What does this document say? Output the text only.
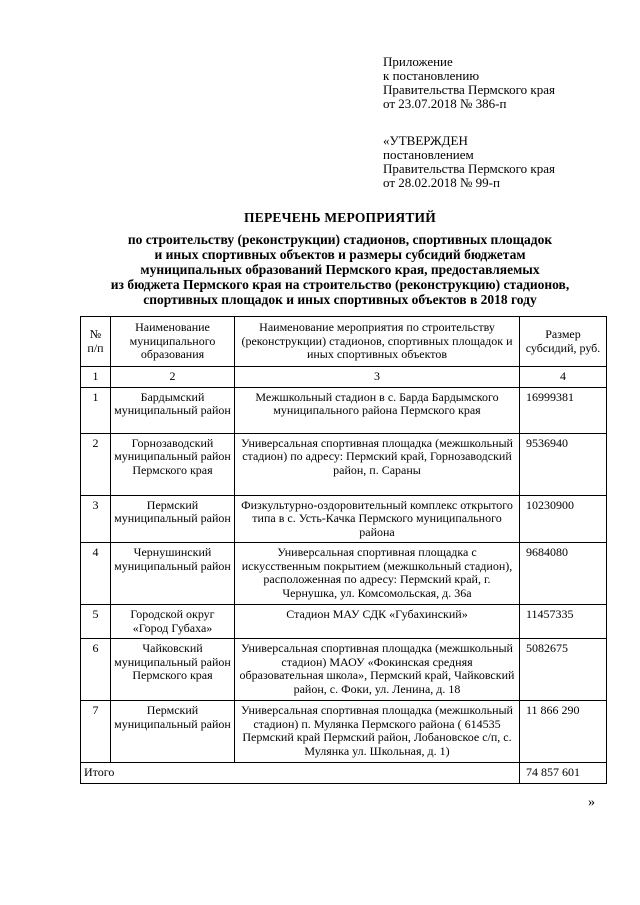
Приложение
к постановлению
Правительства Пермского края
от 23.07.2018 № 386-п
«УТВЕРЖДЕН
постановлением
Правительства Пермского края
от 28.02.2018 № 99-п
ПЕРЕЧЕНЬ МЕРОПРИЯТИЙ
по строительству (реконструкции) стадионов, спортивных площадок
и иных спортивных объектов и размеры субсидий бюджетам
муниципальных образований Пермского края, предоставляемых
из бюджета Пермского края на строительство (реконструкцию) стадионов,
спортивных площадок и иных спортивных объектов в 2018 году
№ п/п	Наименование муниципального образования	Наименование мероприятия по строительству (реконструкции) стадионов, спортивных площадок и иных спортивных объектов	Размер субсидий, руб.
1	2	3	4
1	Бардымский муниципальный район	Межшкольный стадион в с. Барда Бардымского муниципального района Пермского края	16999381
2	Горнозаводский муниципальный район Пермского края	Универсальная спортивная площадка (межшкольный стадион) по адресу: Пермский край, Горнозаводский район, п. Сараны	9536940
3	Пермский муниципальный район	Физкультурно-оздоровительный комплекс открытого типа в с. Усть-Качка Пермского муниципального района	10230900
4	Чернушинский муниципальный район	Универсальная спортивная площадка с искусственным покрытием (межшкольный стадион), расположенная по адресу: Пермский край, г. Чернушка, ул. Комсомольская, д. 36а	9684080
5	Городской округ «Город Губаха»	Стадион МАУ СДК «Губахинский»	11457335
6	Чайковский муниципальный район Пермского края	Универсальная спортивная площадка (межшкольный стадион) МАОУ «Фокинская средняя образовательная школа», Пермский край, Чайковский район, с. Фоки, ул. Ленина, д. 18	5082675
7	Пермский муниципальный район	Универсальная спортивная площадка (межшкольный стадион) п. Мулянка Пермского района ( 614535 Пермский край Пермский район, Лобановское с/п, с. Мулянка ул. Школьная, д. 1)	11 866 290
Итого			74 857 601
»
